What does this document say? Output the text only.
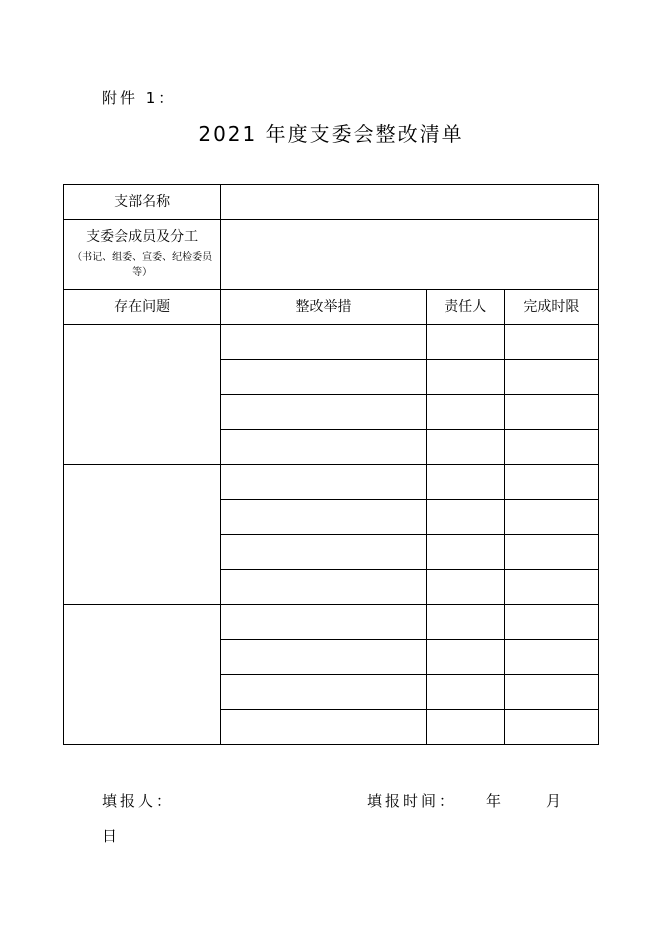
附件 1：
2021 年度支委会整改清单
支部名称			

支委会成员及分工
（书记、组委、宣委、纪检委员等）			

存在问题	整改举措	责任人	完成时限

填报人：	填报时间： 年	月
日
